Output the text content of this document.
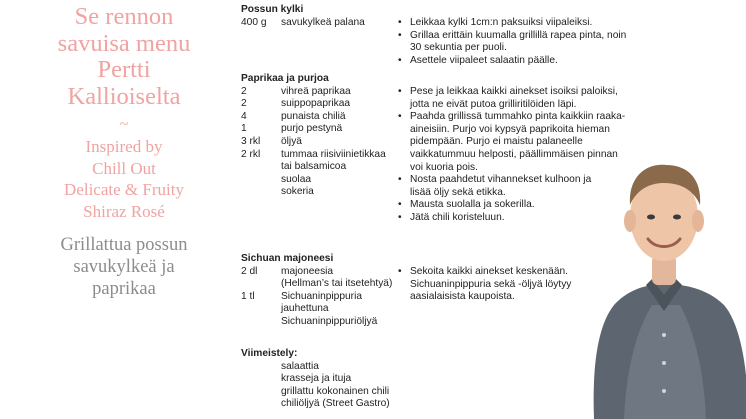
Se rennon
savuisa menu
Pertti
Kallioiselta
~
Inspired by
Chill Out
Delicate & Fruity
Shiraz Rosé
Grillattua possun
savukylkeä ja
paprikaa
Possun kylki
400 g savukylkeä palana
Paprikaa ja purjoa
2	vihreä paprikaa
2	suippopaprikaa
4	punaista chiliä
1	purjo pestynä
3 rkl öljyä
2 rkl tummaa riisiviinietikkaa
tai balsamicoa
suolaa
sokeria
Sichuan majoneesi
2 dl majoneesia
(Hellman’s tai itsetehtyä)
1 tl	Sichuaninpippuria
jauhettuna
Sichuaninpippuriöljyä
Viimeistely:
salaattia
krasseja ja ituja
grillattu kokonainen chili
chiliöljyä (Street Gastro)
• Leikkaa kylki 1cm:n paksuiksi viipaleiksi.
• Grillaa erittäin kuumalla grillillä rapea pinta, noin 30 sekuntia per puoli.
• Asettele viipaleet salaatin päälle.
• Pese ja leikkaa kaikki ainekset isoiksi paloiksi, jotta ne eivät putoa grilliritilöiden läpi.
• Paahda grillissä tummahko pinta kaikkiin raaka-aineisiin. Purjo voi kypsyä paprikoita hieman pidempään. Purjo ei maistu palaneelle vaikkatummuu helposti, päällimmäisen pinnan voi kuoria pois.
• Nosta paahdetut vihannekset kulhoon ja lisää öljy sekä etikka.
• Mausta suolalla ja sokerilla.
• Jätä chili koristeluun.
• Sekoita kaikki ainekset keskenään. Sichuaninpippuria sekä -öljyä löytyy aasialaisista kaupoista.
